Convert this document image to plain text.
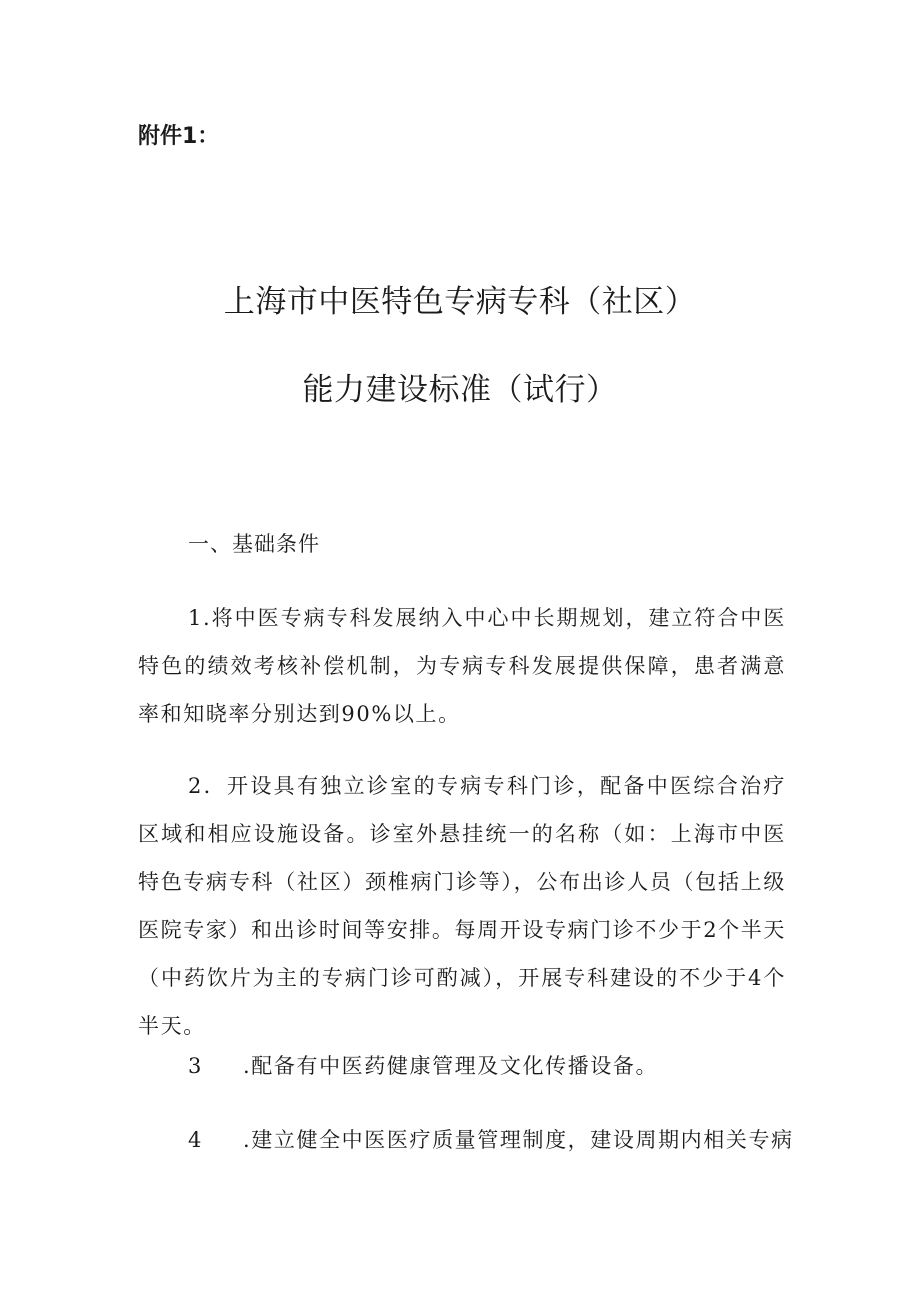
附件1：
上海市中医特色专病专科（社区）
能力建设标准（试行）
一、基础条件

1.将中医专病专科发展纳入中心中长期规划，建立符合中医特色的绩效考核补偿机制，为专病专科发展提供保障，患者满意率和知晓率分别达到90%以上。

2．开设具有独立诊室的专病专科门诊，配备中医综合治疗区域和相应设施设备。诊室外悬挂统一的名称（如：上海市中医特色专病专科（社区）颈椎病门诊等），公布出诊人员（包括上级医院专家）和出诊时间等安排。每周开设专病门诊不少于2个半天（中药饮片为主的专病门诊可酌减），开展专科建设的不少于4个半天。

3 .配备有中医药健康管理及文化传播设备。
4 .建立健全中医医疗质量管理制度，建设周期内相关专病
